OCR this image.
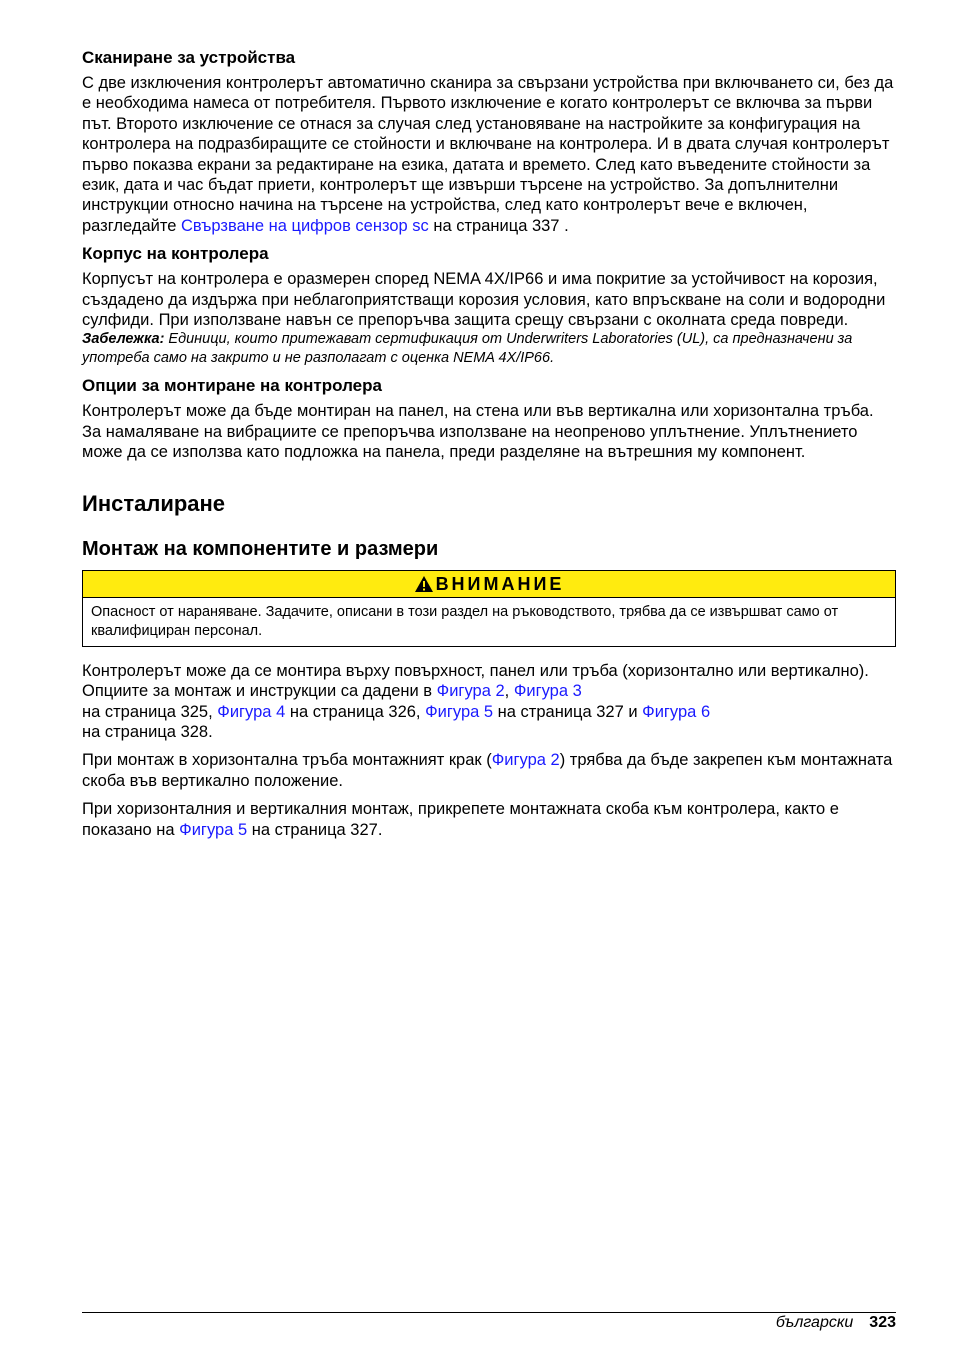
Сканиране за устройства

С две изключения контролерът автоматично сканира за свързани устройства при включването си, без да е необходима намеса от потребителя. Първото изключение е когато контролерът се включва за първи път. Второто изключение се отнася за случая след установяване на настройките за конфигурация на контролера на подразбиращите се стойности и включване на контролера. И в двата случая контролерът първо показва екрани за редактиране на езика, датата и времето. След като въведените стойности за език, дата и час бъдат приети, контролерът ще извърши търсене на устройство. За допълнителни инструкции относно начина на търсене на устройства, след като контролерът вече е включен, разгледайте Свързване на цифров сензор sc на страница 337 .

Корпус на контролера

Корпусът на контролера е оразмерен според NEMA 4X/IP66 и има покритие за устойчивост на корозия, създадено да издържа при неблагоприятстващи корозия условия, като впръскване на соли и водородни сулфиди. При използване навън се препоръчва защита срещу свързани с околната среда повреди.

Забележка: Единици, които притежават сертификация от Underwriters Laboratories (UL), са предназначени за употреба само на закрито и не разполагат с оценка NEMA 4X/IP66.
Опции за монтиране на контролера

Контролерът може да бъде монтиран на панел, на стена или във вертикална или хоризонтална тръба. За намаляване на вибрациите се препоръчва използване на неопреново уплътнение. Уплътнението може да се използва като подложка на панела, преди разделяне на вътрешния му компонент.

Инсталиране
Монтаж на компонентите и размери
ВНИМАНИЕ
Опасност от нараняване. Задачите, описани в този раздел на ръководството, трябва да се извършват само от квалифициран персонал.

Контролерът може да се монтира върху повърхност, панел или тръба (хоризонтално или вертикално). Опциите за монтаж и инструкции са дадени в Фигура 2, Фигура 3
на страница 325, Фигура 4 на страница 326, Фигура 5 на страница 327 и Фигура 6
на страница 328.

При монтаж в хоризонтална тръба монтажният крак (Фигура 2) трябва да бъде закрепен към монтажната скоба във вертикално положение.

При хоризонталния и вертикалния монтаж, прикрепете монтажната скоба към контролера, както е показано на Фигура 5 на страница 327.

български 323
